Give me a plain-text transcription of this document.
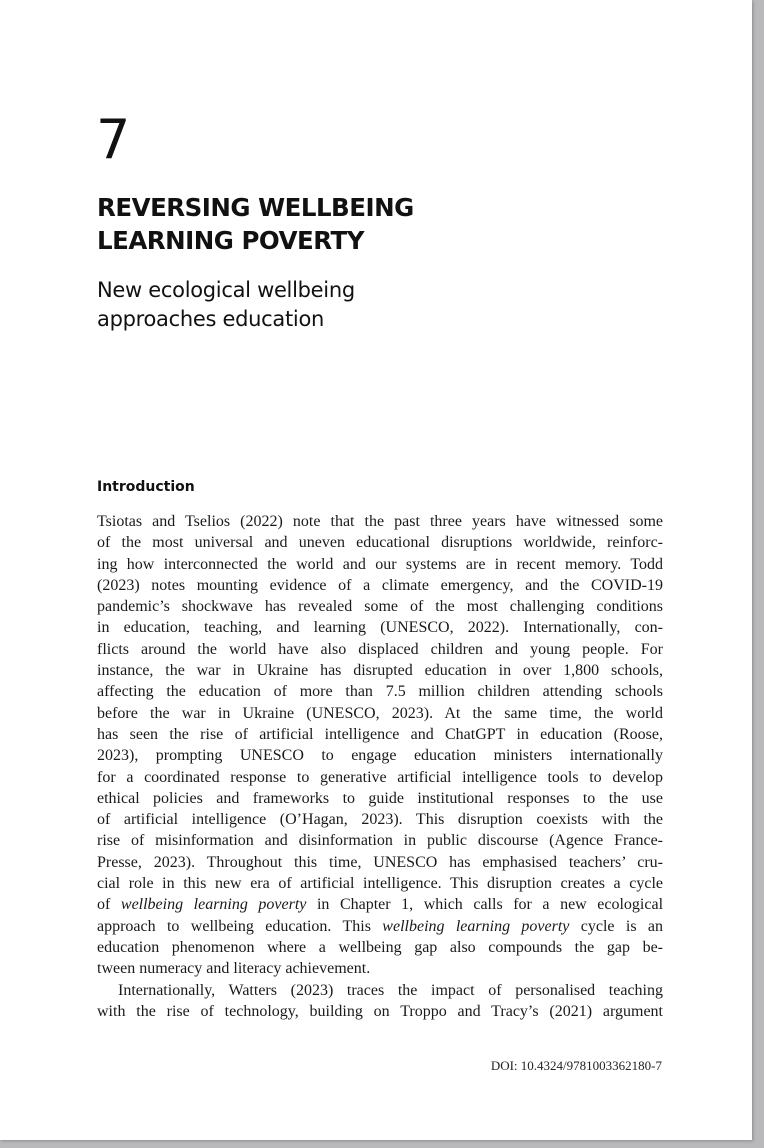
7
REVERSING WELLBEING
LEARNING POVERTY
New ecological wellbeing
approaches education
Introduction
Tsiotas and Tselios (2022) note that the past three years have witnessed some
of the most universal and uneven educational disruptions worldwide, reinforc-
ing how interconnected the world and our systems are in recent memory. Todd
(2023) notes mounting evidence of a climate emergency, and the COVID-19
pandemic’s shockwave has revealed some of the most challenging conditions
in education, teaching, and learning (UNESCO, 2022). Internationally, con-
flicts around the world have also displaced children and young people. For
instance, the war in Ukraine has disrupted education in over 1,800 schools,
affecting the education of more than 7.5 million children attending schools
before the war in Ukraine (UNESCO, 2023). At the same time, the world
has seen the rise of artificial intelligence and ChatGPT in education (Roose,
2023), prompting UNESCO to engage education ministers internationally
for a coordinated response to generative artificial intelligence tools to develop
ethical policies and frameworks to guide institutional responses to the use
of artificial intelligence (O’Hagan, 2023). This disruption coexists with the
rise of misinformation and disinformation in public discourse (Agence France-
Presse, 2023). Throughout this time, UNESCO has emphasised teachers’ cru-
cial role in this new era of artificial intelligence. This disruption creates a cycle
of wellbeing learning poverty in Chapter 1, which calls for a new ecological
approach to wellbeing education. This wellbeing learning poverty cycle is an
education phenomenon where a wellbeing gap also compounds the gap be-
tween numeracy and literacy achievement.
Internationally, Watters (2023) traces the impact of personalised teaching
with the rise of technology, building on Troppo and Tracy’s (2021) argument
DOI: 10.4324/9781003362180-7
